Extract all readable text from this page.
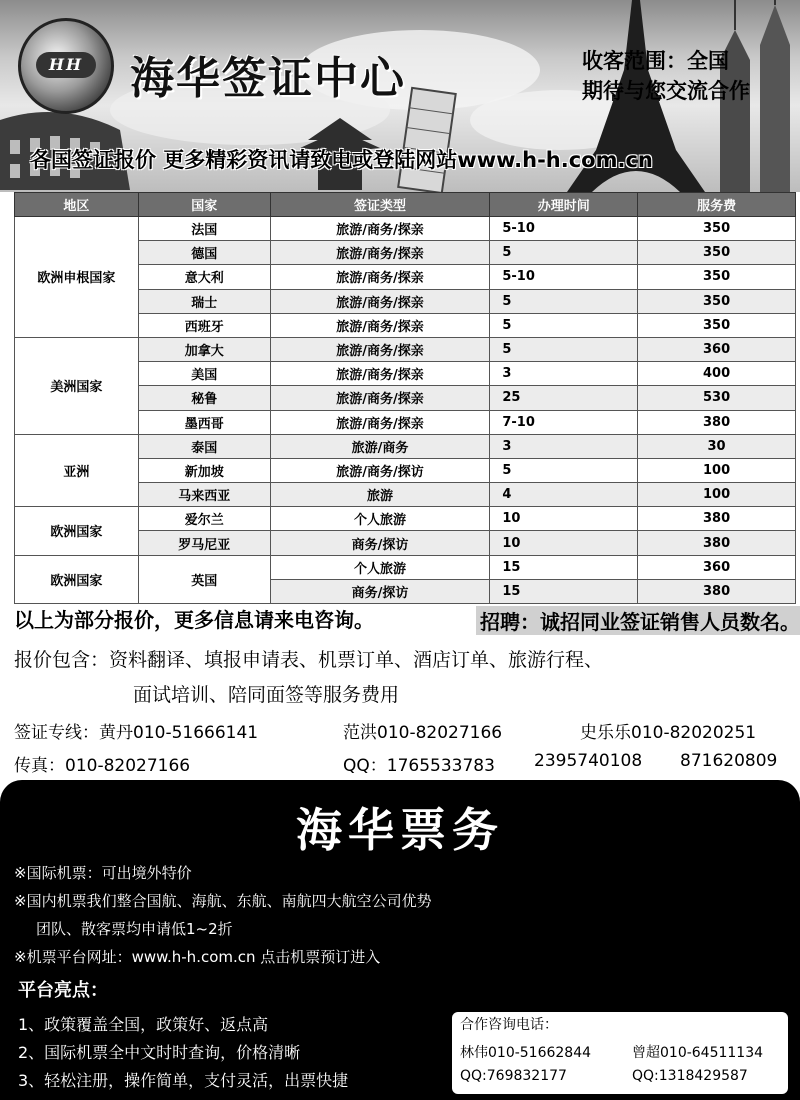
HH 海华签证中心	收客范围：全国
期待与您交流合作
各国签证报价 更多精彩资讯请致电或登陆网站www.h-h.com.cn
地区	国家	签证类型	办理时间	服务费
欧洲申根国家	法国	旅游/商务/探亲	5-10	350
	德国	旅游/商务/探亲	5	350
	意大利	旅游/商务/探亲	5-10	350
	瑞士	旅游/商务/探亲	5	350
	西班牙	旅游/商务/探亲	5	350
美洲国家	加拿大	旅游/商务/探亲	5	360
	美国	旅游/商务/探亲	3	400
	秘鲁	旅游/商务/探亲	25	530
	墨西哥	旅游/商务/探亲	7-10	380
亚洲	泰国	旅游/商务	3	30
	新加坡	旅游/商务/探访	5	100
	马来西亚	旅游	4	100
欧洲国家	爱尔兰	个人旅游	10	380
	罗马尼亚	商务/探访	10	380
欧洲国家	英国	个人旅游	15	360
		商务/探访	15	380
以上为部分报价，更多信息请来电咨询。	招聘：诚招同业签证销售人员数名。
报价包含：资料翻译、填报申请表、机票订单、酒店订单、旅游行程、
面试培训、陪同面签等服务费用
签证专线：黄丹010-51666141	范洪010-82027166	史乐乐010-82020251
传真：010-82027166	QQ：1765533783 2395740108 871620809
海华票务
※国际机票：可出境外特价
※国内机票我们整合国航、海航、东航、南航四大航空公司优势
团队、散客票均申请低1~2折
※机票平台网址：www.h-h.com.cn 点击机票预订进入
平台亮点：
1、政策覆盖全国，政策好、返点高
2、国际机票全中文时时查询，价格清晰
3、轻松注册，操作简单，支付灵活，出票快捷
合作咨询电话：
林伟010-51662844	曾超010-64511134
QQ:769832177	QQ:1318429587
